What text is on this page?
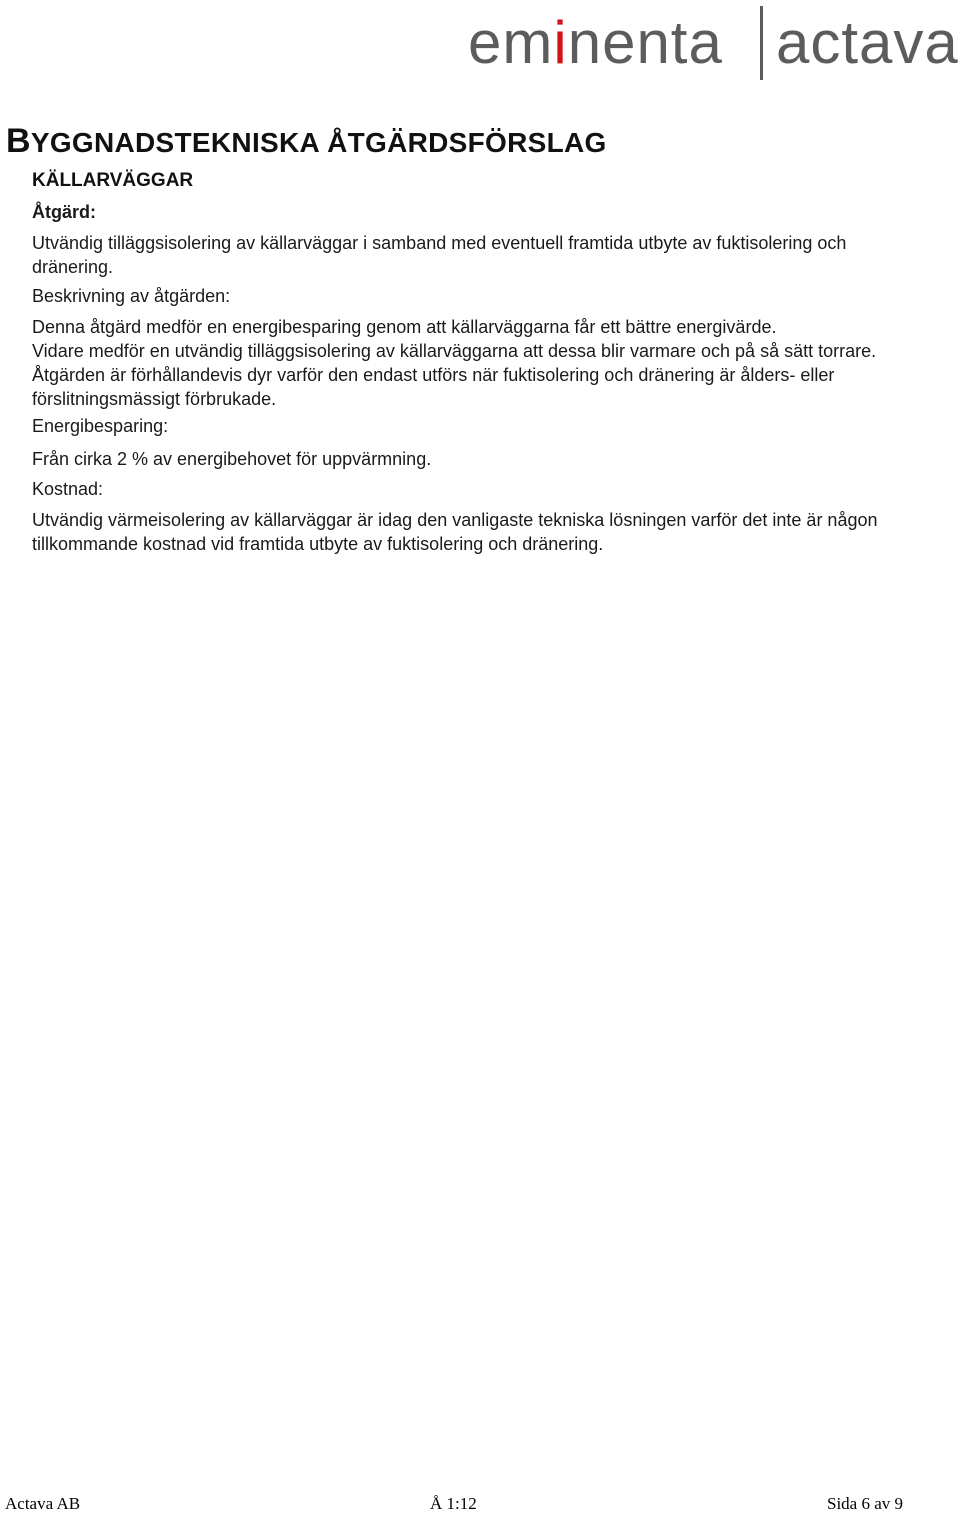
eminenta actava
BYGGNADSTEKNISKA ÅTGÄRDSFÖRSLAG
KÄLLARVÄGGAR

Åtgärd:

Utvändig tilläggsisolering av källarväggar i samband med eventuell framtida utbyte av fuktisolering och dränering.

Beskrivning av åtgärden:

Denna åtgärd medför en energibesparing genom att källarväggarna får ett bättre energivärde.

Vidare medför en utvändig tilläggsisolering av källarväggarna att dessa blir varmare och på så sätt torrare. Åtgärden är förhållandevis dyr varför den endast utförs när fuktisolering och dränering är ålders- eller förslitningsmässigt förbrukade.

Energibesparing:

Från cirka 2 % av energibehovet för uppvärmning.

Kostnad:

Utvändig värmeisolering av källarväggar är idag den vanligaste tekniska lösningen varför det inte är någon tillkommande kostnad vid framtida utbyte av fuktisolering och dränering.

Actava AB	Å 1:12	Sida 6 av 9
